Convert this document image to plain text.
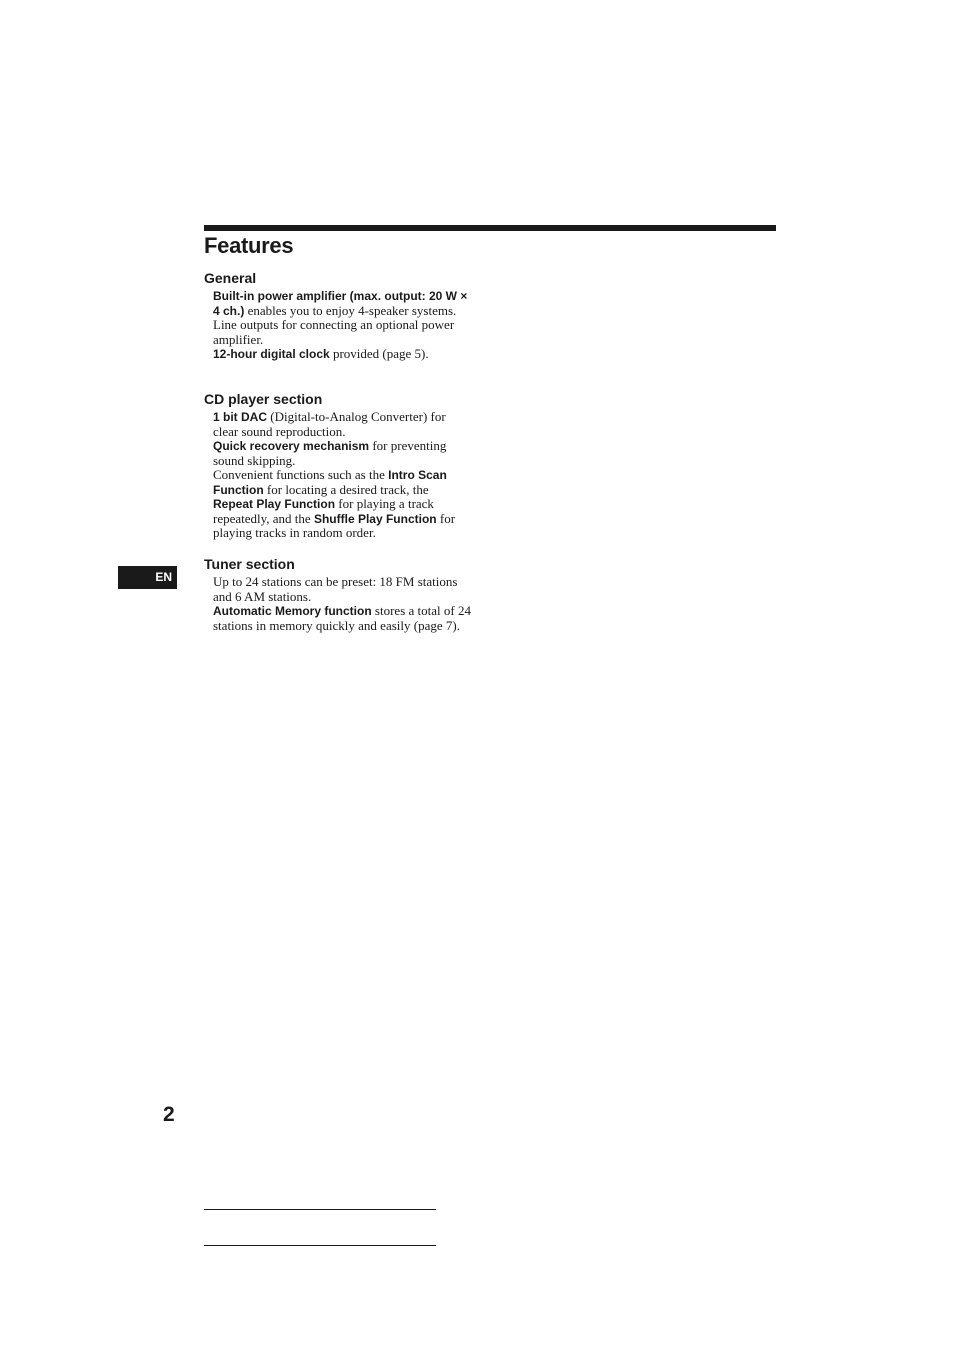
Features
General

Built-in power amplifier (max. output: 20 W × 4 ch.) enables you to enjoy 4-speaker systems.

Line outputs for connecting an optional power amplifier.

12-hour digital clock provided (page 5).

CD player section

1 bit DAC (Digital-to-Analog Converter) for clear sound reproduction.

Quick recovery mechanism for preventing sound skipping.

Convenient functions such as the Intro Scan Function for locating a desired track, the Repeat Play Function for playing a track repeatedly, and the Shuffle Play Function for playing tracks in random order.

Tuner section

Up to 24 stations can be preset: 18 FM stations and 6 AM stations.

Automatic Memory function stores a total of 24 stations in memory quickly and easily (page 7).

EN
2
